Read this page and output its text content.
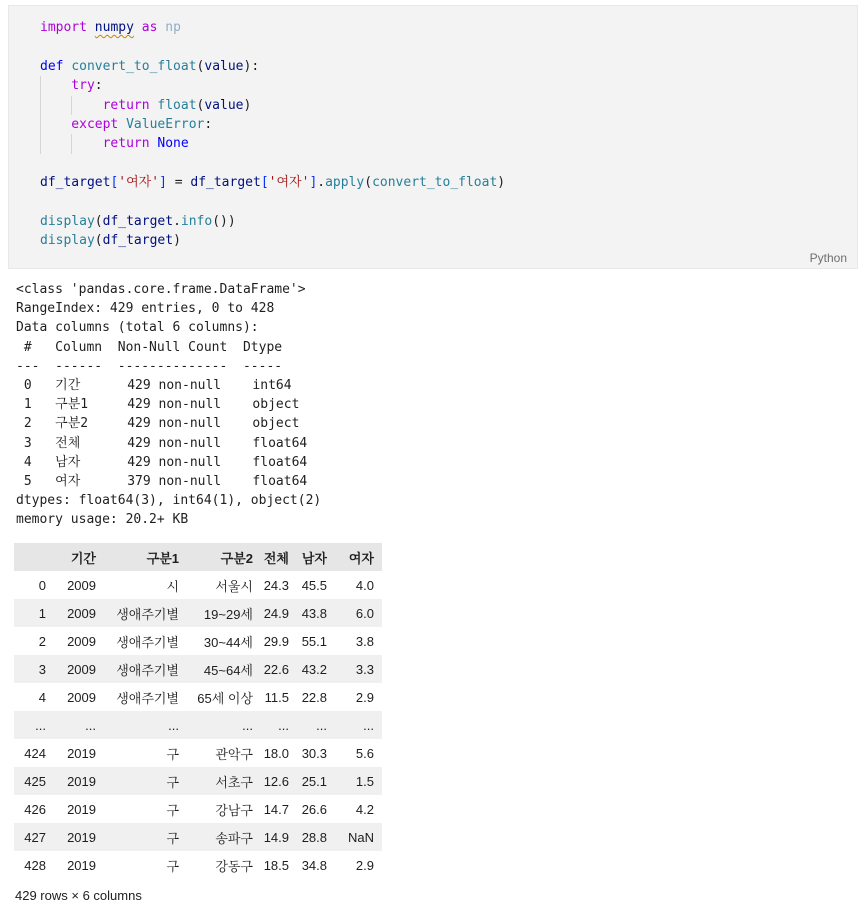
import numpy as np
def convert_to_float(value):
try:
return float(value)
except ValueError:
return None
df_target['여자'] = df_target['여자'].apply(convert_to_float)
display(df_target.info())
display(df_target)
Python
<class 'pandas.core.frame.DataFrame'>
RangeIndex: 429 entries, 0 to 428
Data columns (total 6 columns):
#   Column  Non-Null Count  Dtype
---  ------  --------------  -----
0   기간      429 non-null    int64
1   구분1     429 non-null    object
2   구분2     429 non-null    object
3   전체      429 non-null    float64
4   남자      429 non-null    float64
5   여자      379 non-null    float64
dtypes: float64(3), int64(1), object(2)
memory usage: 20.2+ KB
	기간	구분1	구분2	전체	남자	여자
0	2009	시	서울시	24.3	45.5	4.0
1	2009	생애주기별	19~29세	24.9	43.8	6.0
2	2009	생애주기별	30~44세	29.9	55.1	3.8
3	2009	생애주기별	45~64세	22.6	43.2	3.3
4	2009	생애주기별	65세 이상	11.5	22.8	2.9
...	...	...	...	...	...	...
424	2019	구	관악구	18.0	30.3	5.6
425	2019	구	서초구	12.6	25.1	1.5
426	2019	구	강남구	14.7	26.6	4.2
427	2019	구	송파구	14.9	28.8	NaN
428	2019	구	강동구	18.5	34.8	2.9
429 rows × 6 columns
